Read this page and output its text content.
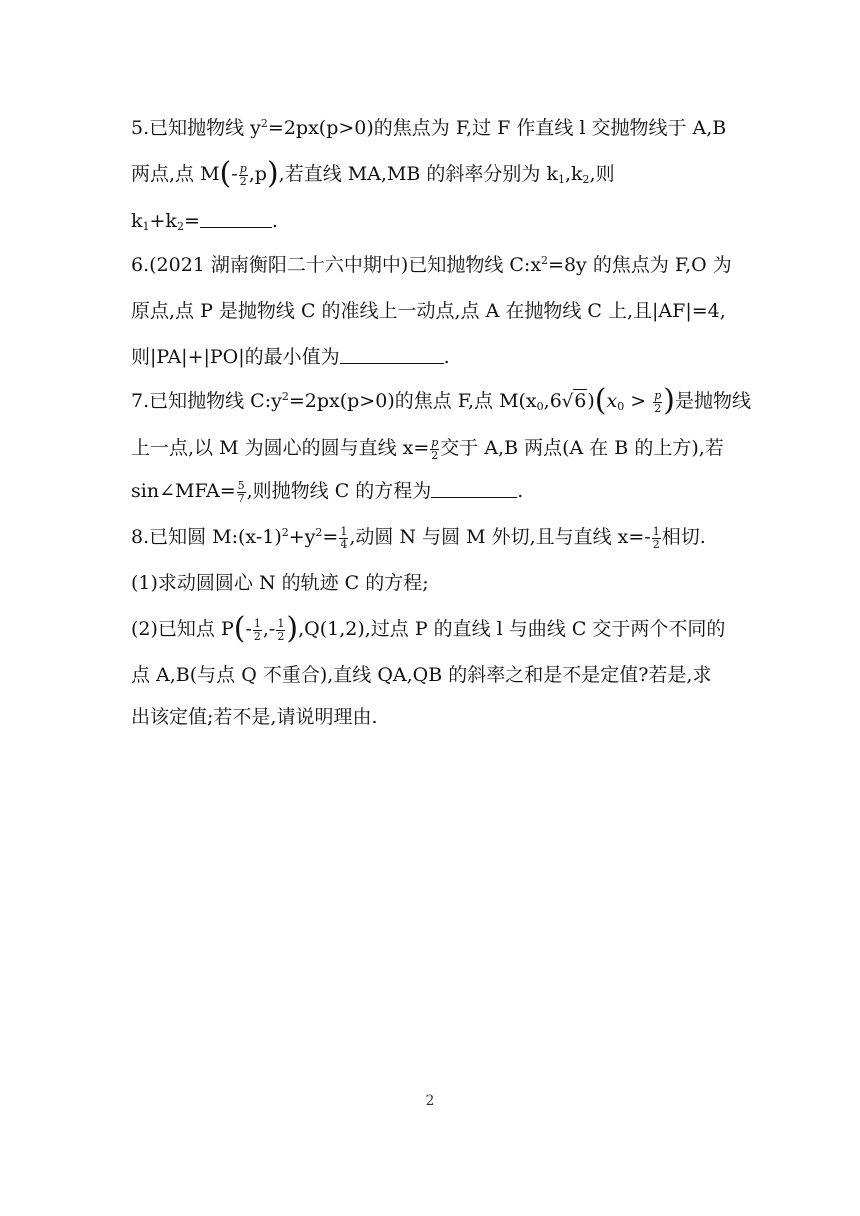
5.已知抛物线 $y^2=2px(p>0)$的焦点为 F,过 F 作直线 l 交抛物线于 A,B
两点,点 $M(- \frac{p}{2} ,p)$,若直线 MA,MB 的斜率分别为 $k_1,k_2$,则
$k_1+k_2=$	.
6.(2021 湖南衡阳二十六中期中)已知抛物线 $C:x^2=8y$ 的焦点为 F,O 为
原点,点 P 是抛物线 C 的准线上一动点,点 A 在抛物线 C 上,且|AF|=4,
则|PA|+|PO|的最小值为	.
7.已知抛物线 $C:y^2=2px(p>0)$的焦点 F,点 $M(x_0,6√6)(x_0 > \frac{p}{2}$ )是抛物线
上一点,以 M 为圆心的圆与直线 $x= \frac{p}{2}$ 交于 A,B 两点(A 在 B 的上方),若
sin∠MFA= $\frac{5}{7}$ ,则抛物线 C 的方程为	.
8.已知圆 $M:(x-1)^2+y^2= \frac{1}{4}$ ,动圆 N 与圆 M 外切,且与直线 $x=- \frac{1}{2}$ 相切.
(1)求动圆圆心 N 的轨迹 C 的方程;
(2)已知点 $P(- \frac{1}{2}$ ,- $\frac{1}{2} ),Q(1,2)$,过点 P 的直线 l 与曲线 C 交于两个不同的
点 A,B(与点 Q 不重合),直线 QA,QB 的斜率之和是不是定值?若是,求
出该定值;若不是,请说明理由.
2
